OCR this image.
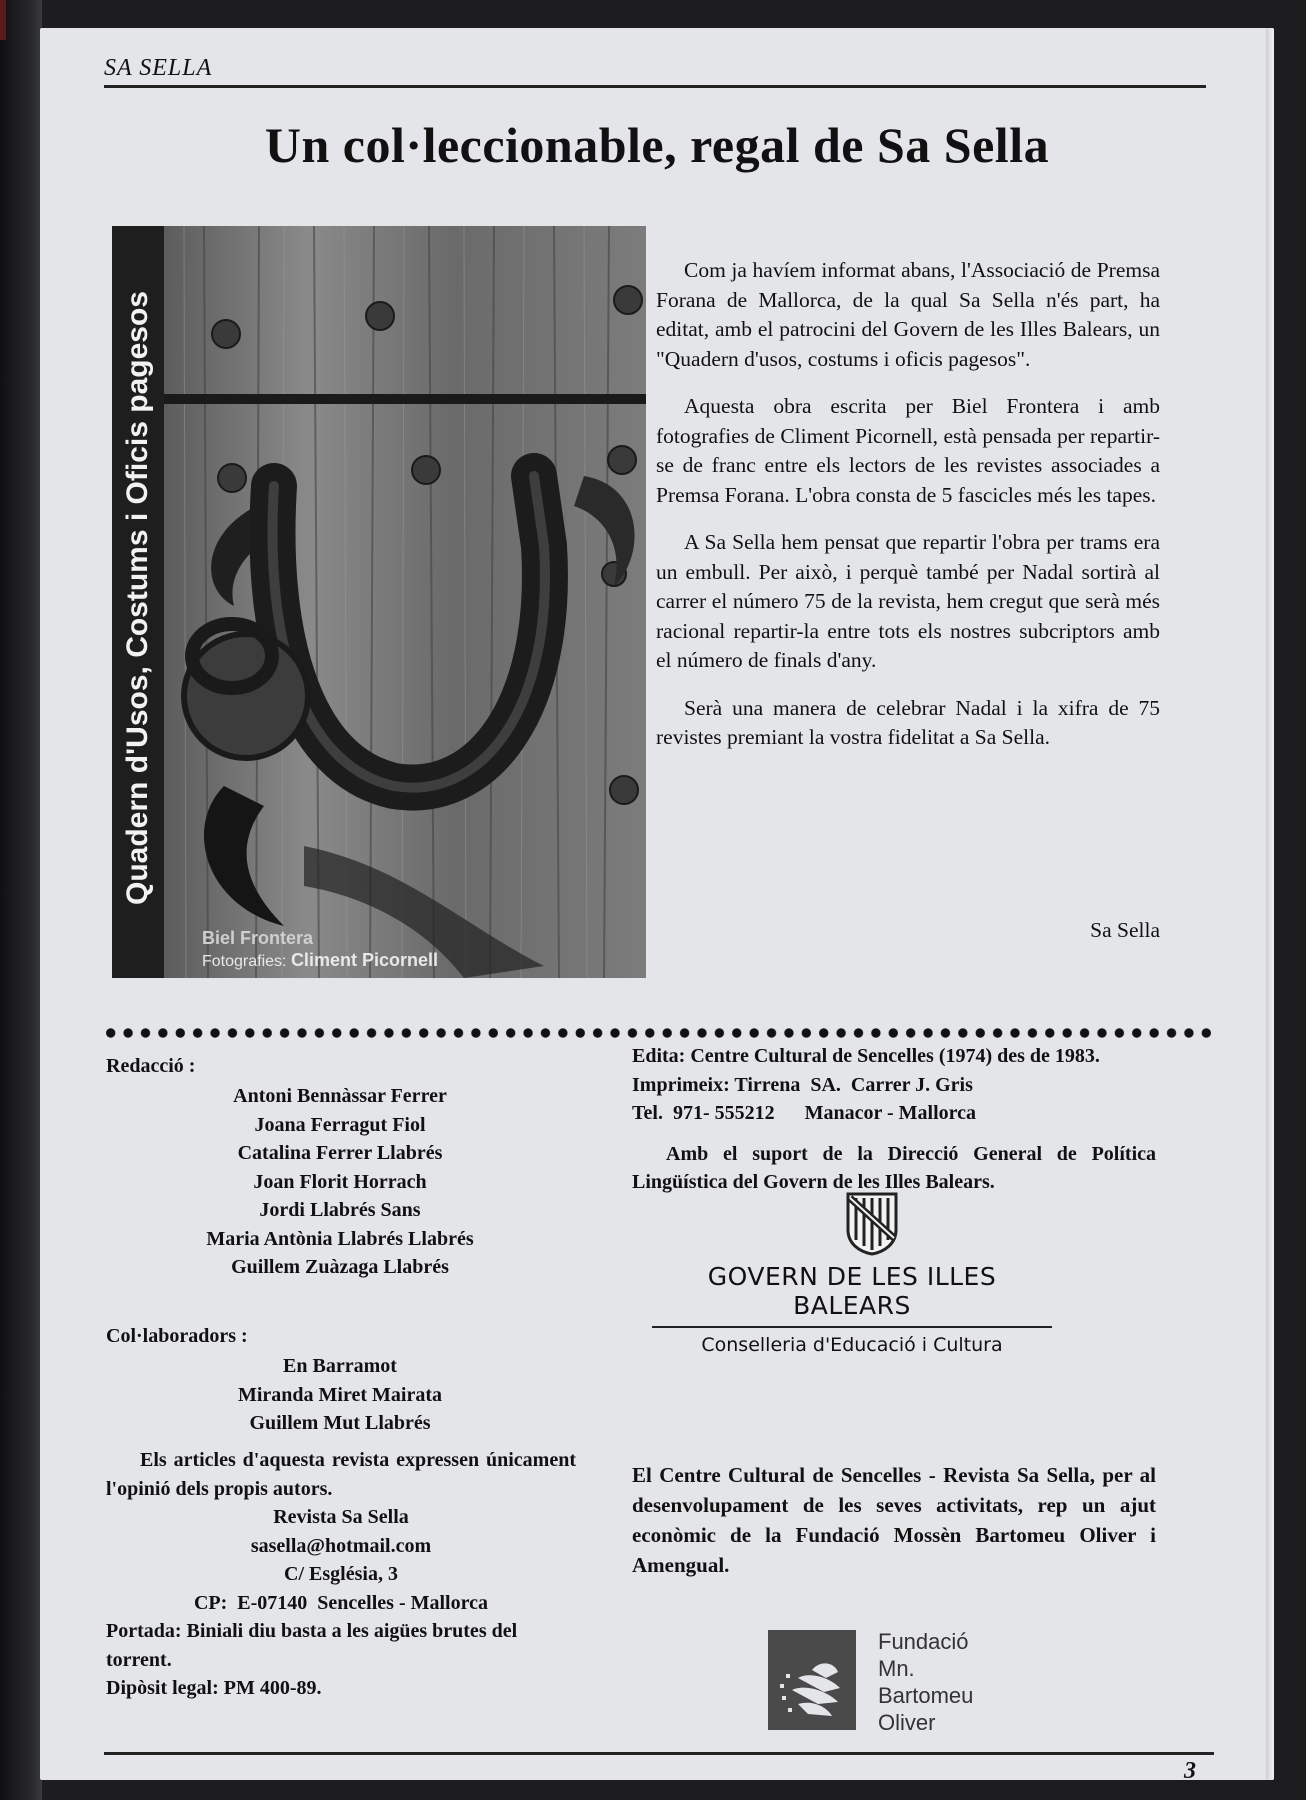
SA SELLA
Un col·leccionable, regal de Sa Sella
Quadern d'Usos, Costums i Oficis pagesos
Biel Frontera
Fotografies: Climent Picornell

Com ja havíem informat abans, l'Associació de Premsa Forana de Mallorca, de la qual Sa Sella n'és part, ha editat, amb el patrocini del Govern de les Illes Balears, un "Quadern d'usos, costums i oficis pagesos".

Aquesta obra escrita per Biel Frontera i amb fotografies de Climent Picornell, està pensada per repartir-se de franc entre els lectors de les revistes associades a Premsa Forana. L'obra consta de 5 fascicles més les tapes.

A Sa Sella hem pensat que repartir l'obra per trams era un embull. Per això, i perquè també per Nadal sortirà al carrer el número 75 de la revista, hem cregut que serà més racional repartir-la entre tots els nostres subcriptors amb el número de finals d'any.

Serà una manera de celebrar Nadal i la xifra de 75 revistes premiant la vostra fidelitat a Sa Sella.

Sa Sella
Redacció :
Antoni Bennàssar Ferrer
Joana Ferragut Fiol
Catalina Ferrer Llabrés
Joan Florit Horrach
Jordi Llabrés Sans
Maria Antònia Llabrés Llabrés
Guillem Zuàzaga Llabrés
Col·laboradors :
En Barramot
Miranda Miret Mairata
Guillem Mut Llabrés
Els articles d'aquesta revista expressen únicament l'opinió dels propis autors.
Revista Sa Sella
sasella@hotmail.com
C/ Església, 3
CP:  E-07140  Sencelles - Mallorca
Portada: Biniali diu basta a les aigües brutes del torrent.
Dipòsit legal: PM 400-89.
Edita: Centre Cultural de Sencelles (1974) des de 1983.
Imprimeix: Tirrena  SA.  Carrer J. Gris
Tel.  971- 555212      Manacor - Mallorca
Amb el suport de la Direcció General de Política Lingüística del Govern de les Illes Balears.
GOVERN DE LES ILLES BALEARS
Conselleria d'Educació i Cultura
El Centre Cultural de Sencelles - Revista Sa Sella, per al desenvolupament de les seves activitats, rep un ajut econòmic de la Fundació Mossèn Bartomeu Oliver i Amengual.
Fundació
Mn.
Bartomeu
Oliver
3
